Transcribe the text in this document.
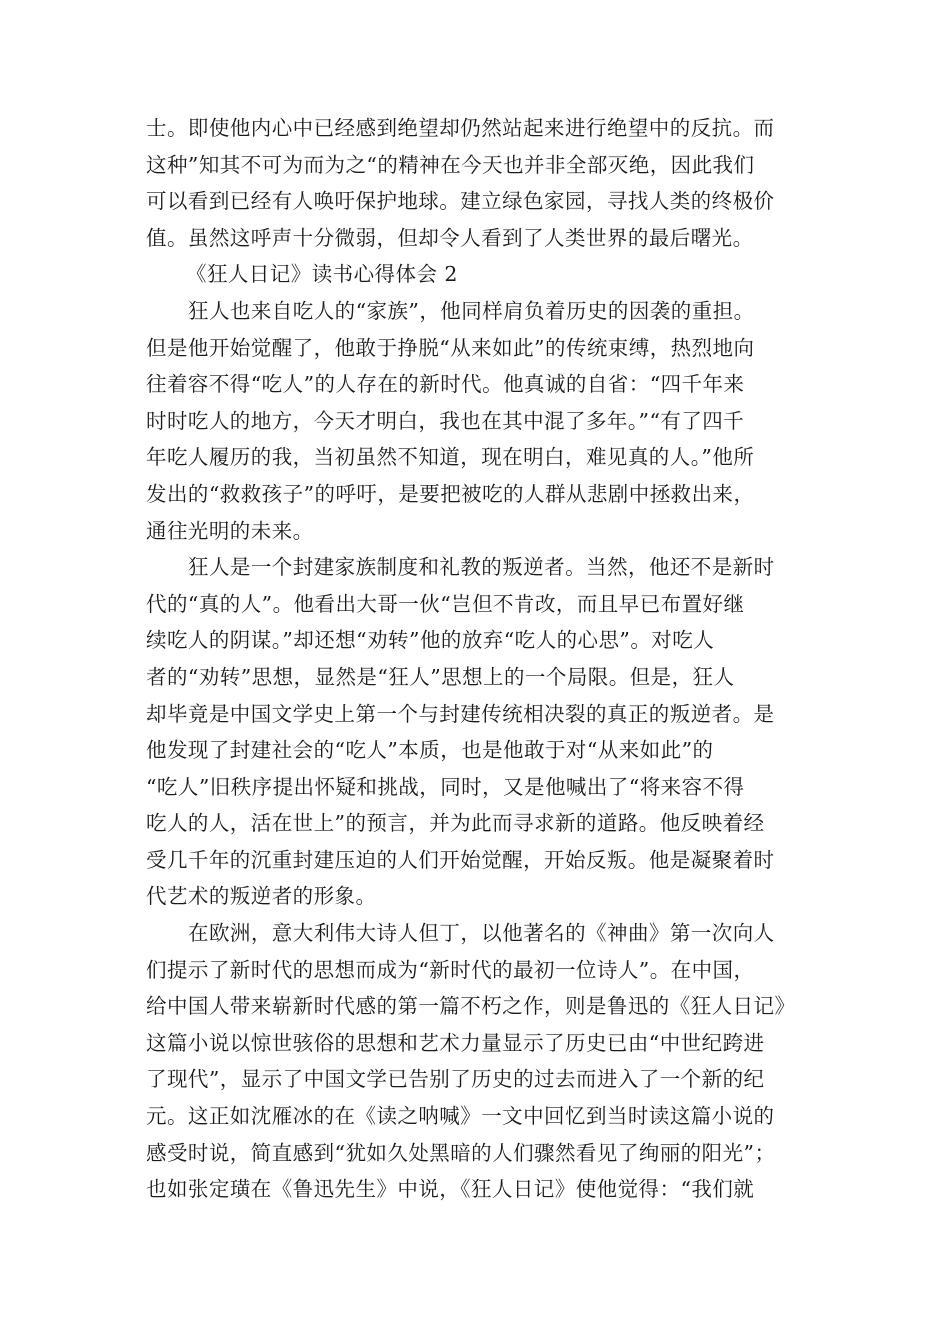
士。即使他内心中已经感到绝望却仍然站起来进行绝望中的反抗。而
这种”知其不可为而为之“的精神在今天也并非全部灭绝，因此我们
可以看到已经有人唤吁保护地球。建立绿色家园，寻找人类的终极价
值。虽然这呼声十分微弱，但却令人看到了人类世界的最后曙光。
《狂人日记》读书心得体会 2
狂人也来自吃人的“家族”，他同样肩负着历史的因袭的重担。
但是他开始觉醒了，他敢于挣脱“从来如此”的传统束缚，热烈地向
往着容不得“吃人”的人存在的新时代。他真诚的自省：“四千年来
时时吃人的地方，今天才明白，我也在其中混了多年。”“有了四千
年吃人履历的我，当初虽然不知道，现在明白，难见真的人。”他所
发出的“救救孩子”的呼吁，是要把被吃的人群从悲剧中拯救出来，
通往光明的未来。
狂人是一个封建家族制度和礼教的叛逆者。当然，他还不是新时
代的“真的人”。他看出大哥一伙“岂但不肯改，而且早已布置好继
续吃人的阴谋。”却还想“劝转”他的放弃“吃人的心思”。对吃人
者的“劝转”思想，显然是“狂人”思想上的一个局限。但是，狂人
却毕竟是中国文学史上第一个与封建传统相决裂的真正的叛逆者。是
他发现了封建社会的“吃人”本质，也是他敢于对“从来如此”的
“吃人”旧秩序提出怀疑和挑战，同时，又是他喊出了“将来容不得
吃人的人，活在世上”的预言，并为此而寻求新的道路。他反映着经
受几千年的沉重封建压迫的人们开始觉醒，开始反叛。他是凝聚着时
代艺术的叛逆者的形象。
在欧洲，意大利伟大诗人但丁，以他著名的《神曲》第一次向人
们提示了新时代的思想而成为“新时代的最初一位诗人”。在中国，
给中国人带来崭新时代感的第一篇不朽之作，则是鲁迅的《狂人日记》
这篇小说以惊世骇俗的思想和艺术力量显示了历史已由“中世纪跨进
了现代”，显示了中国文学已告别了历史的过去而进入了一个新的纪
元。这正如沈雁冰的在《读之呐喊》一文中回忆到当时读这篇小说的
感受时说，简直感到“犹如久处黑暗的人们骤然看见了绚丽的阳光”；
也如张定璜在《鲁迅先生》中说，《狂人日记》使他觉得：“我们就
